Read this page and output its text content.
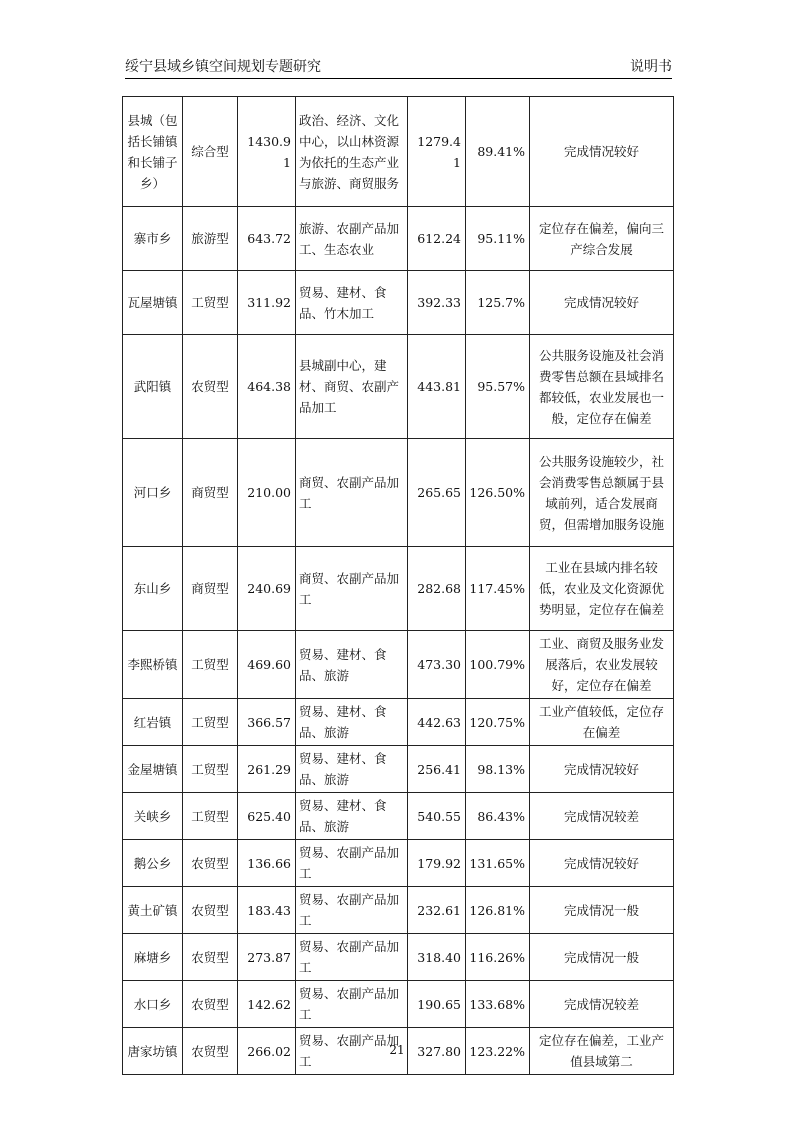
绥宁县域乡镇空间规划专题研究	说明书
县城（包括长铺镇和长铺子乡）	综合型	1430.91	政治、经济、文化中心，以山林资源为依托的生态产业与旅游、商贸服务	1279.41	89.41%	完成情况较好
寨市乡	旅游型	643.72	旅游、农副产品加工、生态农业	612.24	95.11%	定位存在偏差，偏向三产综合发展
瓦屋塘镇	工贸型	311.92	贸易、建材、食品、竹木加工	392.33	125.7%	完成情况较好
武阳镇	农贸型	464.38	县城副中心，建材、商贸、农副产品加工	443.81	95.57%	公共服务设施及社会消费零售总额在县域排名都较低，农业发展也一般，定位存在偏差
河口乡	商贸型	210.00	商贸、农副产品加工	265.65	126.50%	公共服务设施较少，社会消费零售总额属于县域前列，适合发展商贸，但需增加服务设施
东山乡	商贸型	240.69	商贸、农副产品加工	282.68	117.45%	工业在县域内排名较低，农业及文化资源优势明显，定位存在偏差
李熙桥镇	工贸型	469.60	贸易、建材、食品、旅游	473.30	100.79%	工业、商贸及服务业发展落后，农业发展较好，定位存在偏差
红岩镇	工贸型	366.57	贸易、建材、食品、旅游	442.63	120.75%	工业产值较低，定位存在偏差
金屋塘镇	工贸型	261.29	贸易、建材、食品、旅游	256.41	98.13%	完成情况较好
关峡乡	工贸型	625.40	贸易、建材、食品、旅游	540.55	86.43%	完成情况较差
鹅公乡	农贸型	136.66	贸易、农副产品加工	179.92	131.65%	完成情况较好
黄土矿镇	农贸型	183.43	贸易、农副产品加工	232.61	126.81%	完成情况一般
麻塘乡	农贸型	273.87	贸易、农副产品加工	318.40	116.26%	完成情况一般
水口乡	农贸型	142.62	贸易、农副产品加工	190.65	133.68%	完成情况较差
唐家坊镇	农贸型	266.02	贸易、农副产品加工	327.80	123.22%	定位存在偏差，工业产值县域第二
21
